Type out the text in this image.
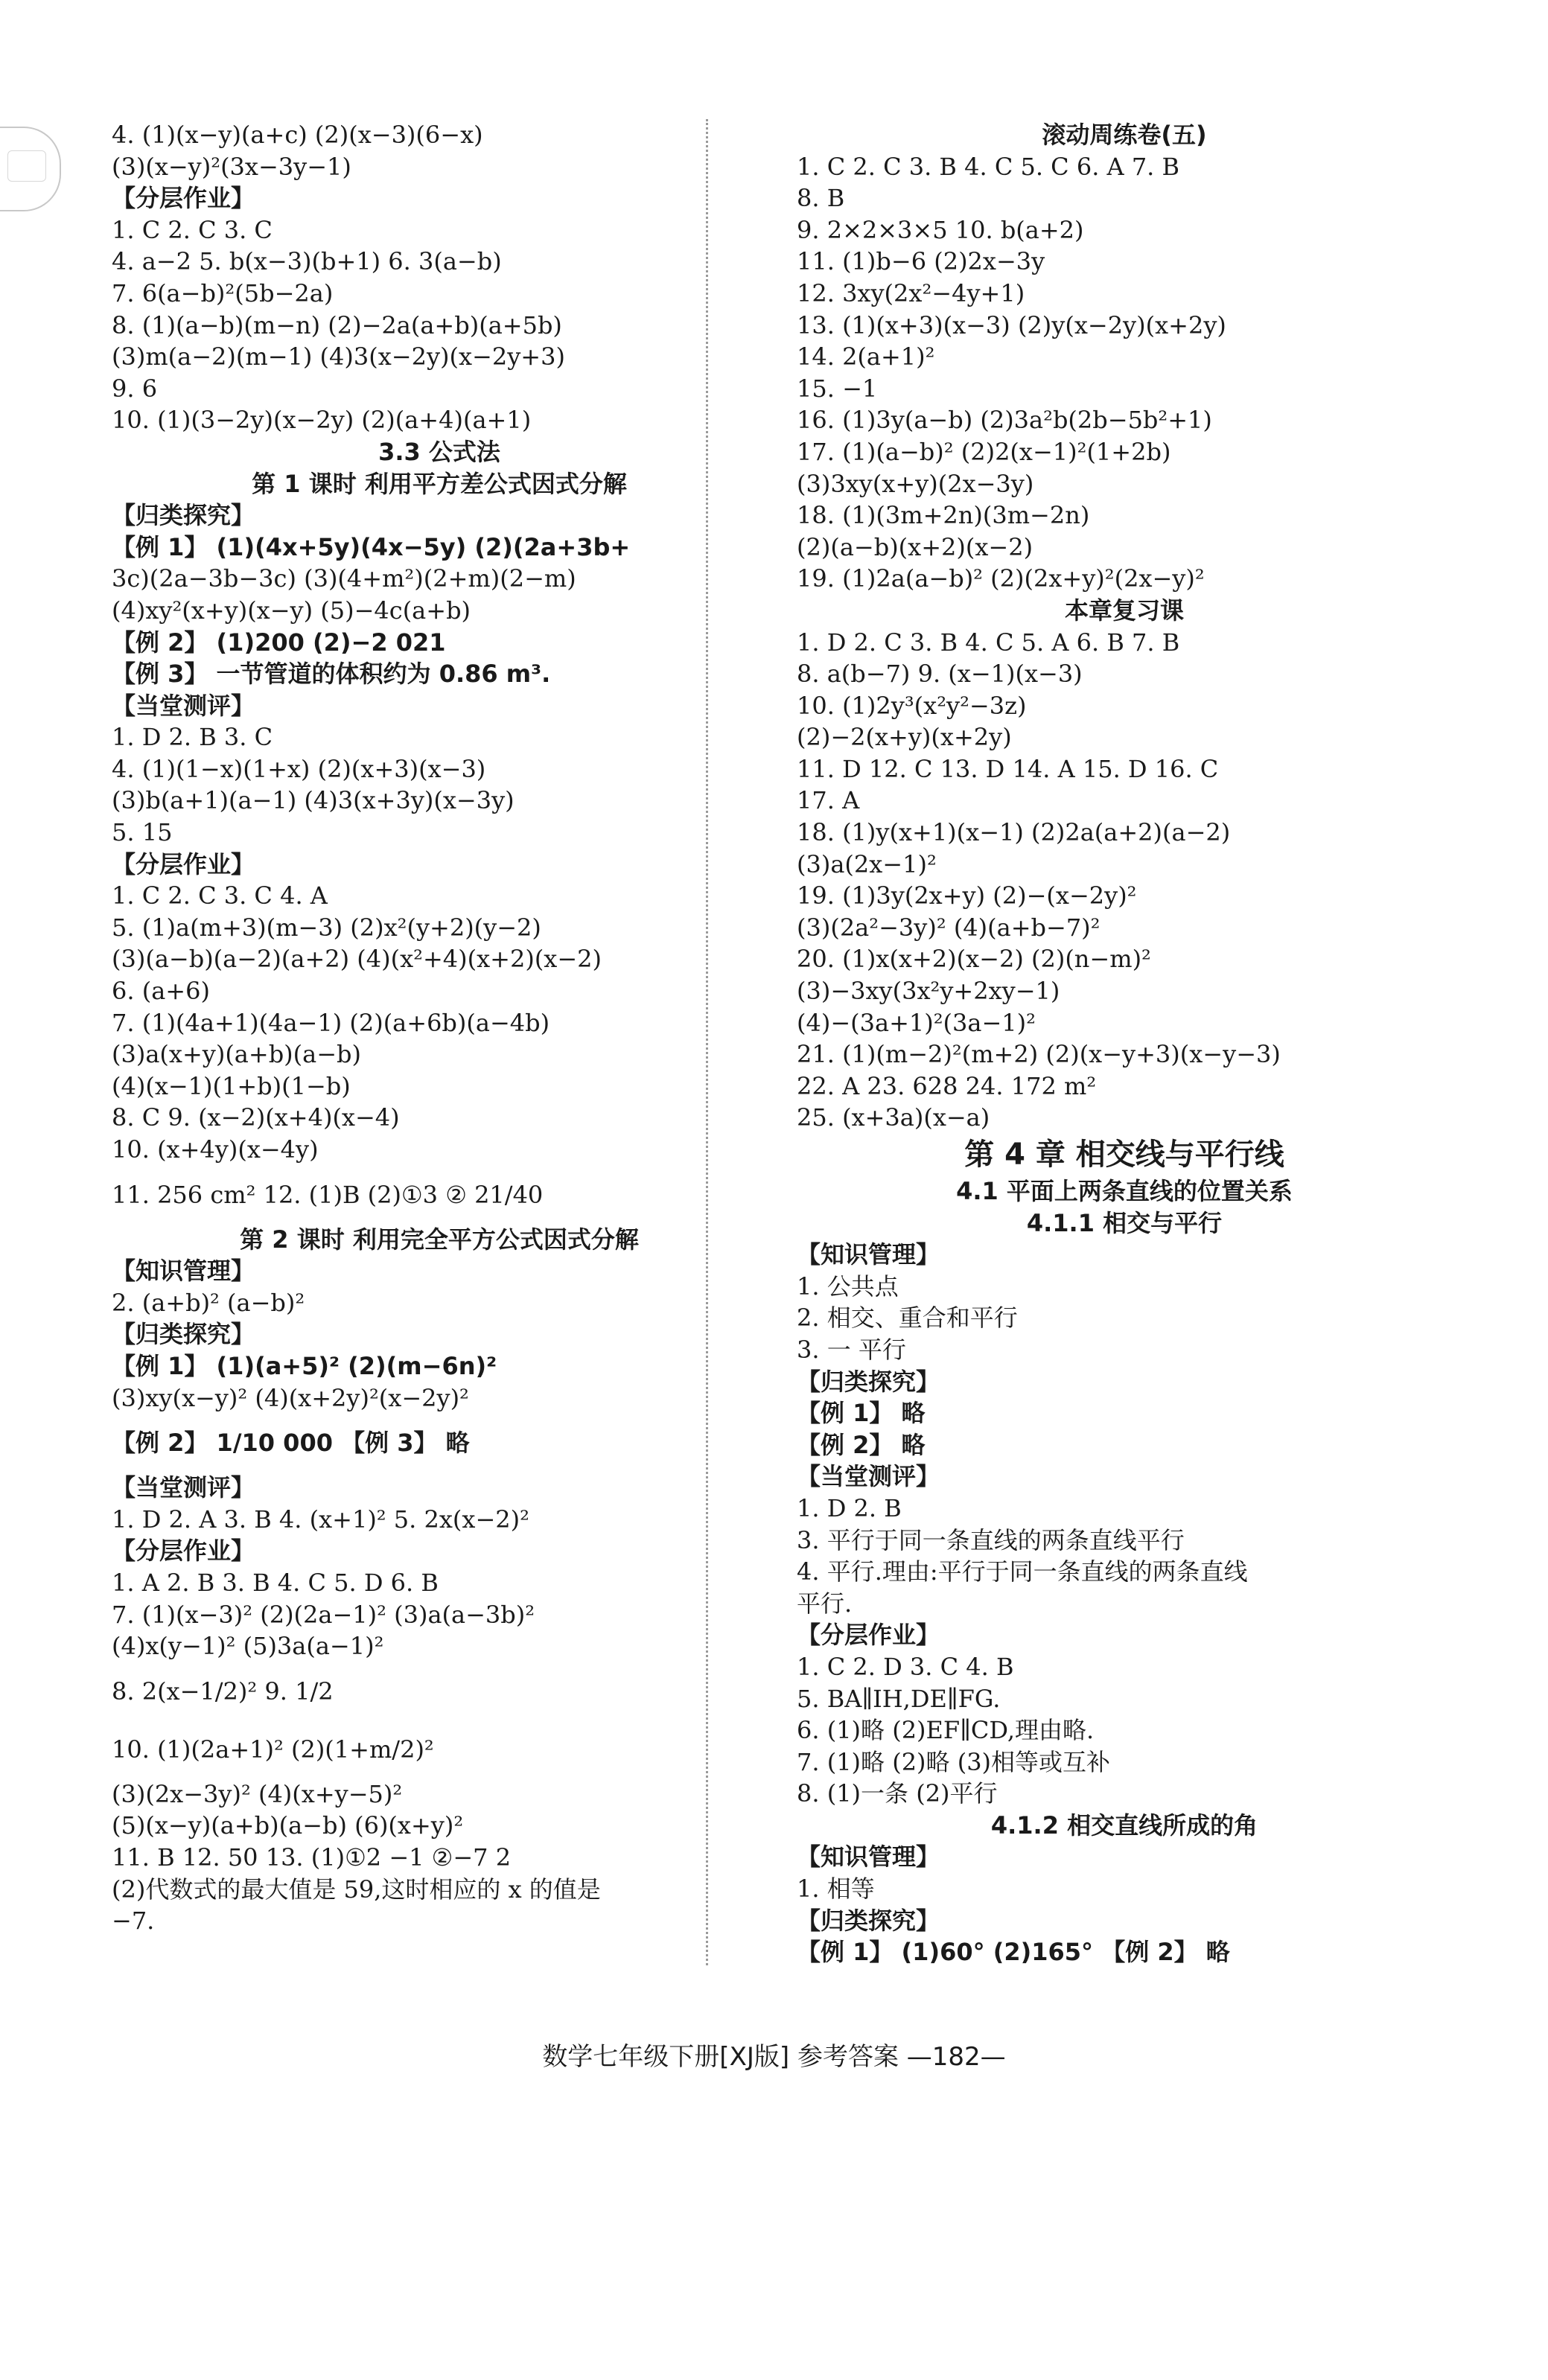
4. (1)(x−y)(a+c) (2)(x−3)(6−x)
(3)(x−y)²(3x−3y−1)
【分层作业】
1. C 2. C 3. C
4. a−2 5. b(x−3)(b+1) 6. 3(a−b)
7. 6(a−b)²(5b−2a)
8. (1)(a−b)(m−n) (2)−2a(a+b)(a+5b)
(3)m(a−2)(m−1) (4)3(x−2y)(x−2y+3)
9. 6
10. (1)(3−2y)(x−2y) (2)(a+4)(a+1)
3.3 公式法
第 1 课时 利用平方差公式因式分解
【归类探究】
【例 1】 (1)(4x+5y)(4x−5y) (2)(2a+3b+
3c)(2a−3b−3c) (3)(4+m²)(2+m)(2−m)
(4)xy²(x+y)(x−y) (5)−4c(a+b)
【例 2】 (1)200 (2)−2 021
【例 3】 一节管道的体积约为 0.86 m³.
【当堂测评】
1. D 2. B 3. C
4. (1)(1−x)(1+x) (2)(x+3)(x−3)
(3)b(a+1)(a−1) (4)3(x+3y)(x−3y)
5. 15
【分层作业】
1. C 2. C 3. C 4. A
5. (1)a(m+3)(m−3) (2)x²(y+2)(y−2)
(3)(a−b)(a−2)(a+2) (4)(x²+4)(x+2)(x−2)
6. (a+6)
7. (1)(4a+1)(4a−1) (2)(a+6b)(a−4b)
(3)a(x+y)(a+b)(a−b)
(4)(x−1)(1+b)(1−b)
8. C 9. (x−2)(x+4)(x−4)
10. (x+4y)(x−4y)
11. 256 cm² 12. (1)B (2)①3 ② 21/40
第 2 课时 利用完全平方公式因式分解
【知识管理】
2. (a+b)² (a−b)²
【归类探究】
【例 1】 (1)(a+5)² (2)(m−6n)²
(3)xy(x−y)² (4)(x+2y)²(x−2y)²
【例 2】 1/10 000 【例 3】 略
【当堂测评】
1. D 2. A 3. B 4. (x+1)² 5. 2x(x−2)²
【分层作业】
1. A 2. B 3. B 4. C 5. D 6. B
7. (1)(x−3)² (2)(2a−1)² (3)a(a−3b)²
(4)x(y−1)² (5)3a(a−1)²
8. 2(x−1/2)² 9. 1/2
10. (1)(2a+1)² (2)(1+m/2)²
(3)(2x−3y)² (4)(x+y−5)²
(5)(x−y)(a+b)(a−b) (6)(x+y)²
11. B 12. 50 13. (1)①2 −1 ②−7 2
(2)代数式的最大值是 59,这时相应的 x 的值是
−7.
滚动周练卷(五)
1. C 2. C 3. B 4. C 5. C 6. A 7. B
8. B
9. 2×2×3×5 10. b(a+2)
11. (1)b−6 (2)2x−3y
12. 3xy(2x²−4y+1)
13. (1)(x+3)(x−3) (2)y(x−2y)(x+2y)
14. 2(a+1)²
15. −1
16. (1)3y(a−b) (2)3a²b(2b−5b²+1)
17. (1)(a−b)² (2)2(x−1)²(1+2b)
(3)3xy(x+y)(2x−3y)
18. (1)(3m+2n)(3m−2n)
(2)(a−b)(x+2)(x−2)
19. (1)2a(a−b)² (2)(2x+y)²(2x−y)²
本章复习课
1. D 2. C 3. B 4. C 5. A 6. B 7. B
8. a(b−7) 9. (x−1)(x−3)
10. (1)2y³(x²y²−3z)
(2)−2(x+y)(x+2y)
11. D 12. C 13. D 14. A 15. D 16. C
17. A
18. (1)y(x+1)(x−1) (2)2a(a+2)(a−2)
(3)a(2x−1)²
19. (1)3y(2x+y) (2)−(x−2y)²
(3)(2a²−3y)² (4)(a+b−7)²
20. (1)x(x+2)(x−2) (2)(n−m)²
(3)−3xy(3x²y+2xy−1)
(4)−(3a+1)²(3a−1)²
21. (1)(m−2)²(m+2) (2)(x−y+3)(x−y−3)
22. A 23. 628 24. 172 m²
25. (x+3a)(x−a)
第 4 章 相交线与平行线
4.1 平面上两条直线的位置关系
4.1.1 相交与平行
【知识管理】
1. 公共点
2. 相交、重合和平行
3. 一 平行
【归类探究】
【例 1】 略
【例 2】 略
【当堂测评】
1. D 2. B
3. 平行于同一条直线的两条直线平行
4. 平行.理由:平行于同一条直线的两条直线
平行.
【分层作业】
1. C 2. D 3. C 4. B
5. BA∥IH,DE∥FG.
6. (1)略 (2)EF∥CD,理由略.
7. (1)略 (2)略 (3)相等或互补
8. (1)一条 (2)平行
4.1.2 相交直线所成的角
【知识管理】
1. 相等
【归类探究】
【例 1】 (1)60° (2)165° 【例 2】 略
数学七年级下册[XJ版] 参考答案 —182—
